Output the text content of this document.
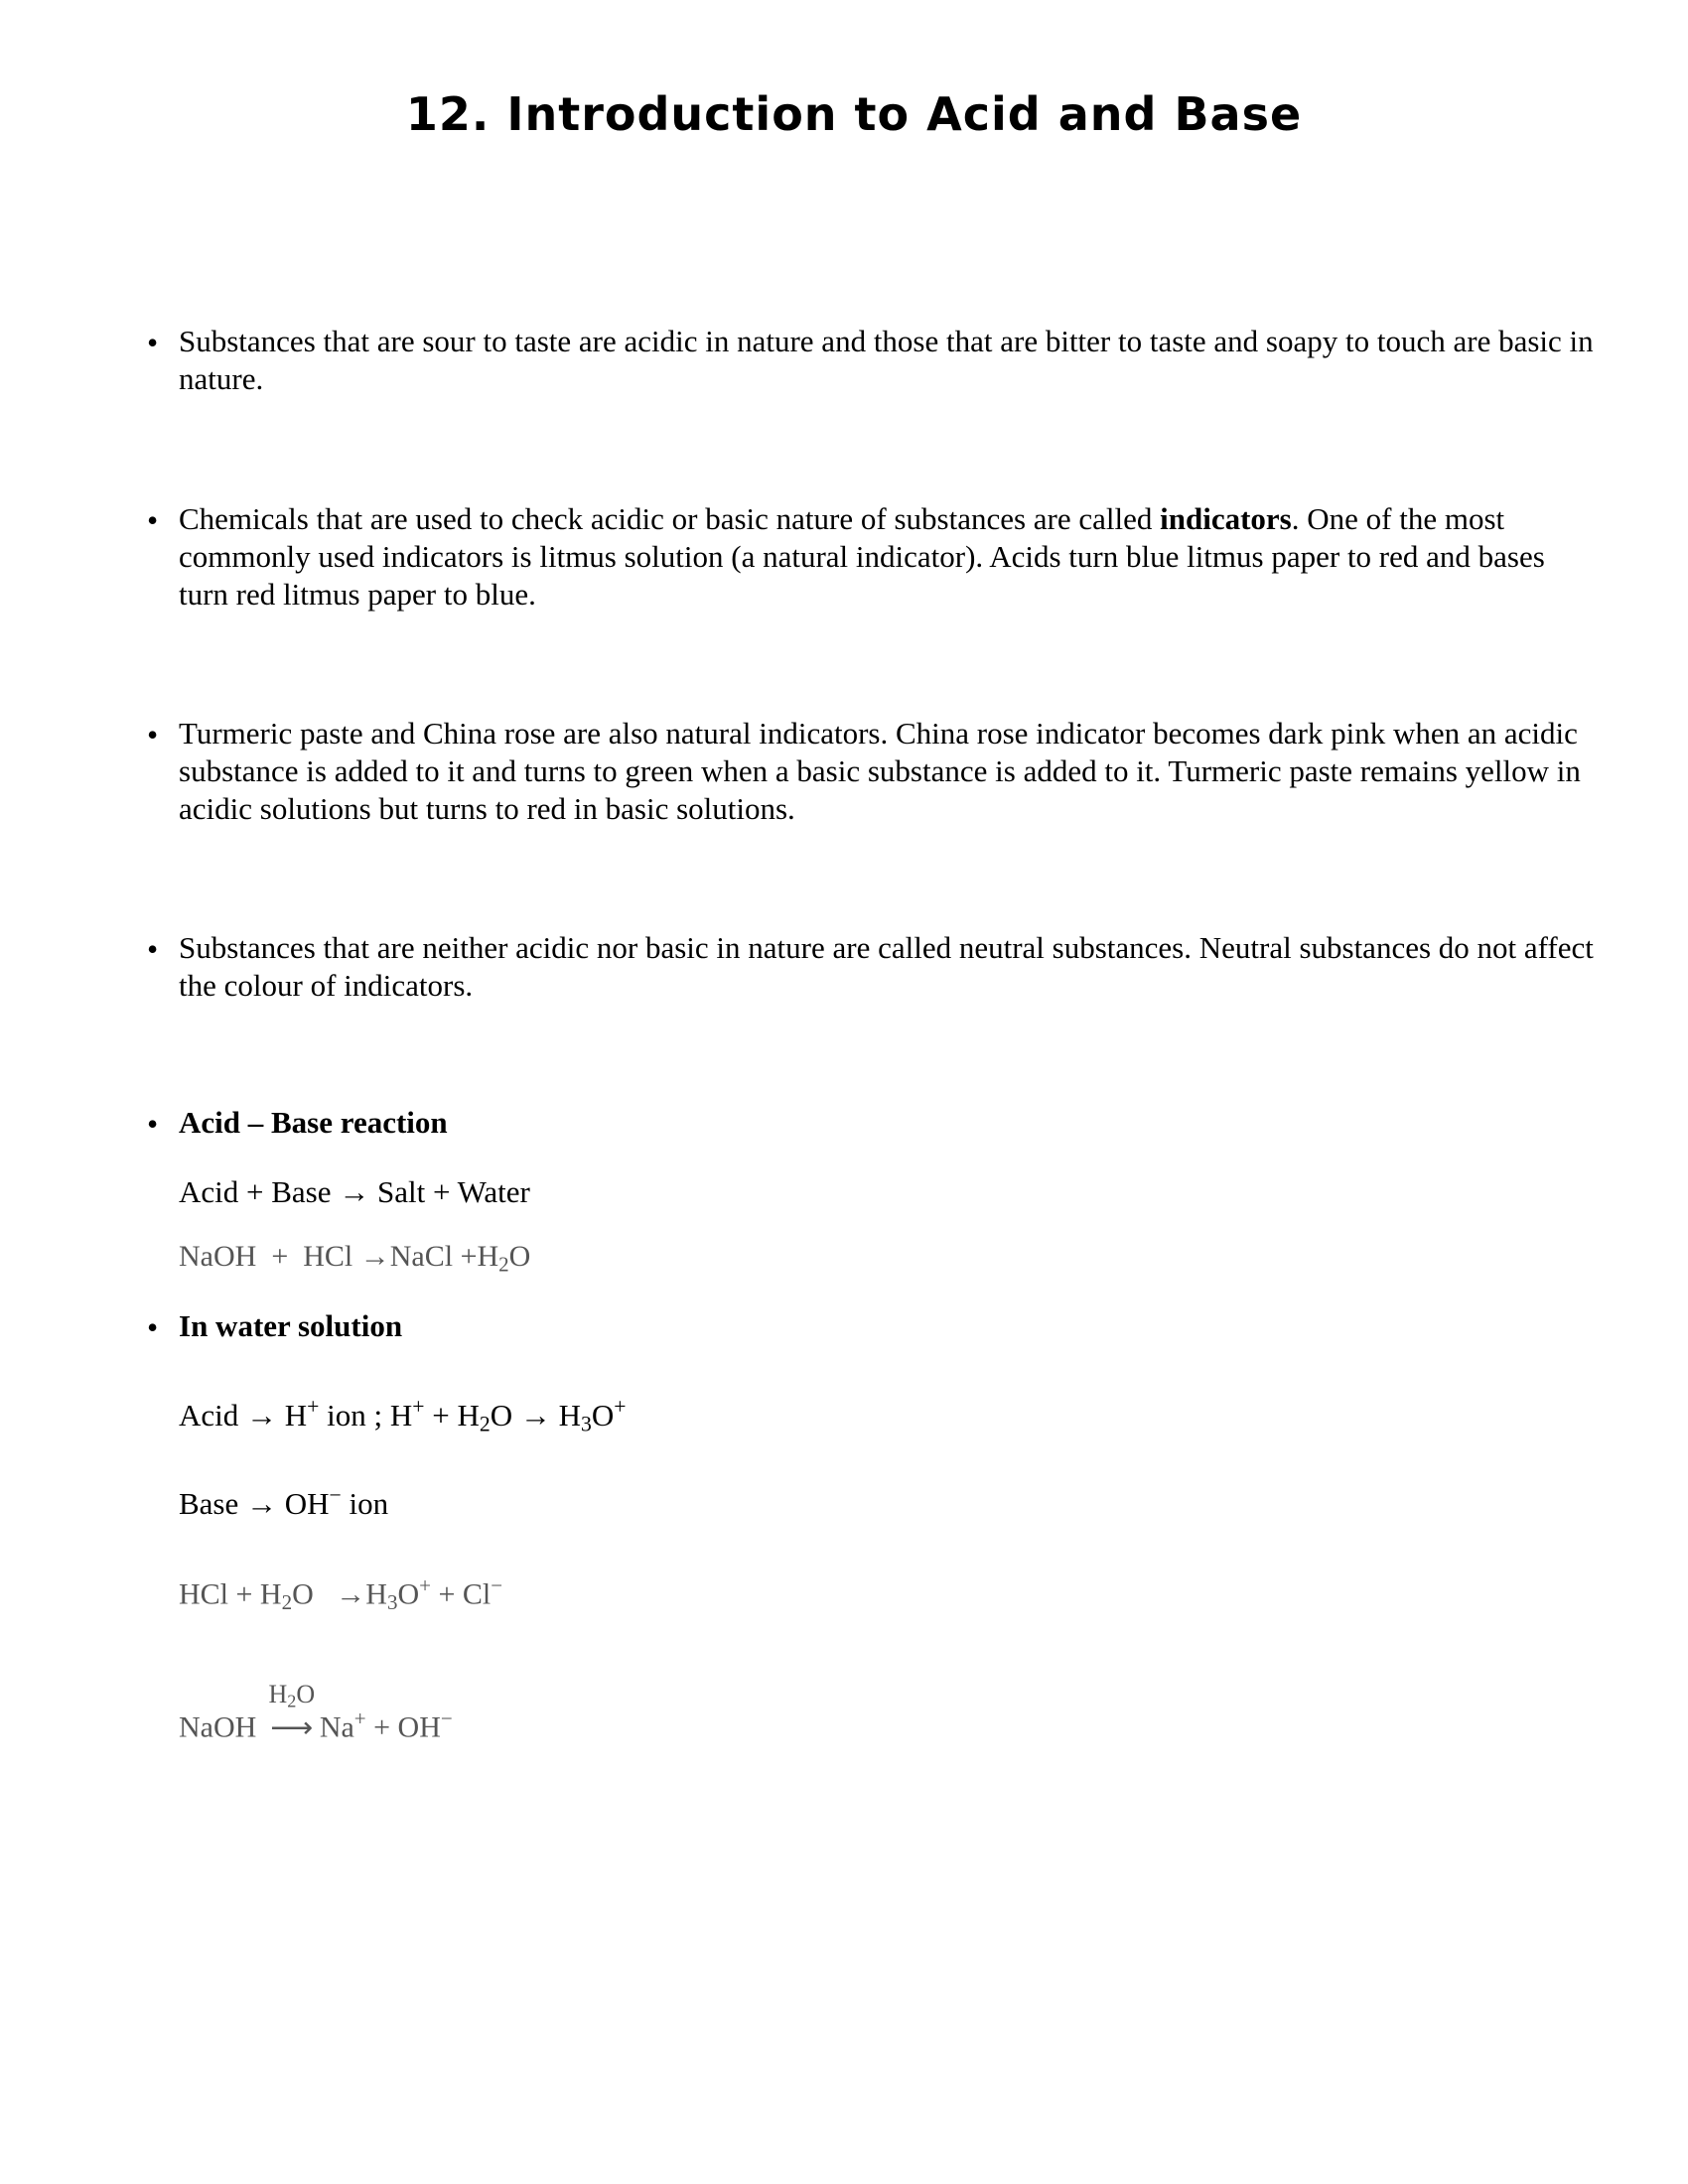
12. Introduction to Acid and Base
• Substances that are sour to taste are acidic in nature and those that are bitter to taste and soapy to touch are basic in nature.

• Chemicals that are used to check acidic or basic nature of substances are called indicators. One of the most commonly used indicators is litmus solution (a natural indicator). Acids turn blue litmus paper to red and bases turn red litmus paper to blue.

• Turmeric paste and China rose are also natural indicators. China rose indicator becomes dark pink when an acidic substance is added to it and turns to green when a basic substance is added to it. Turmeric paste remains yellow in acidic solutions but turns to red in basic solutions.

• Substances that are neither acidic nor basic in nature are called neutral substances. Neutral substances do not affect the colour of indicators.

• Acid – Base reaction

Acid + Base → Salt + Water
NaOH + HCl →NaCl $+H_2O$
• In water solution

Acid → H+ ion ; $H^+ + H_2O \to H_3O^+$
Base → OH− ion
HCl + $H_2O \to H_3O^+ + Cl^-$
NaOH
$H_2O$
⟶ Na+ + OH−
